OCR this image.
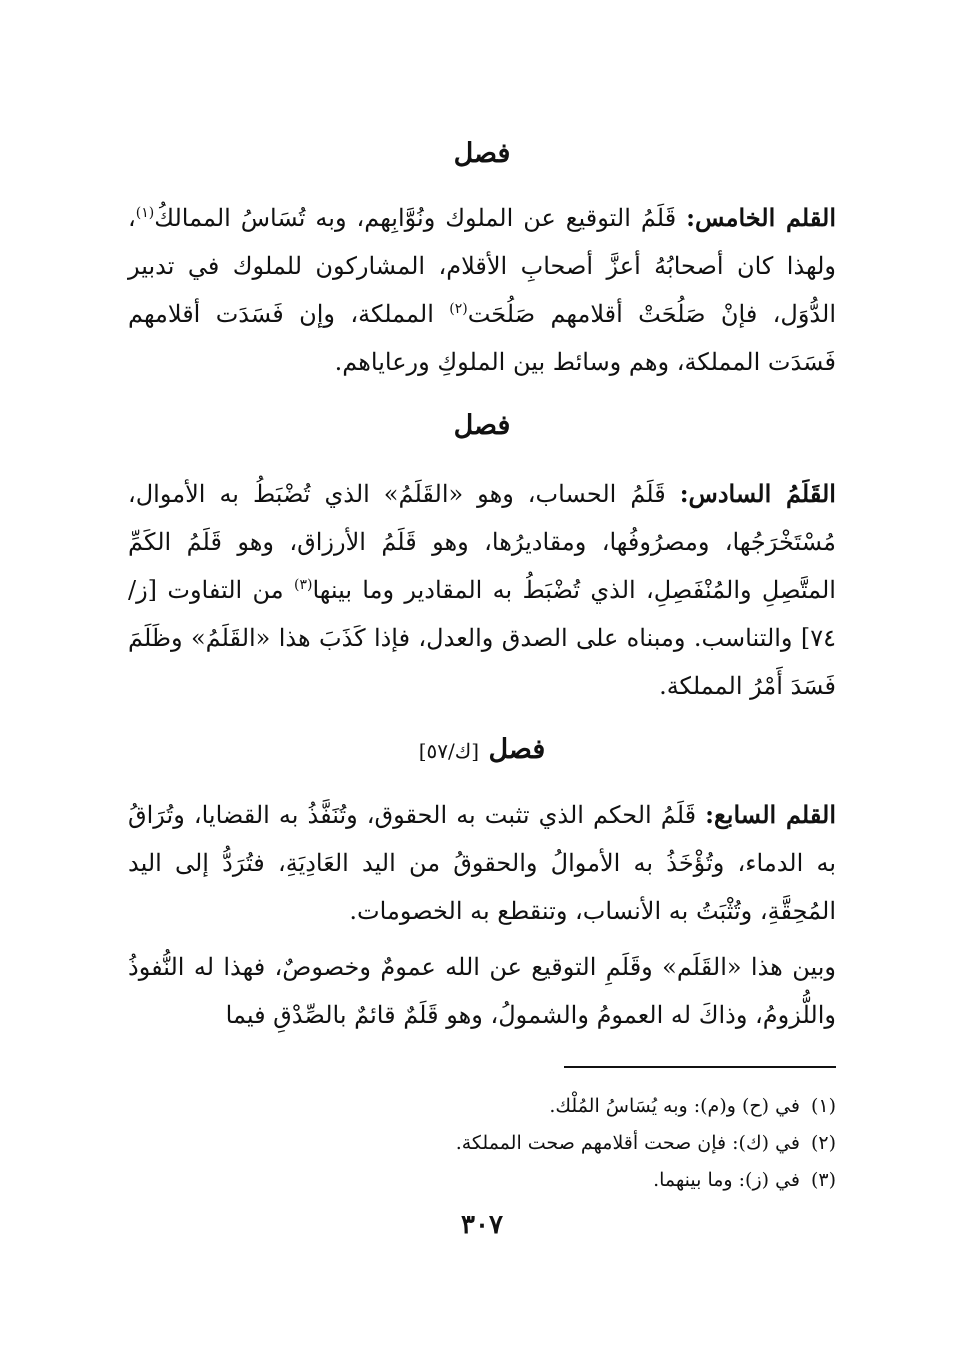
فصل

القلم الخامس: قَلَمُ التوقيع عن الملوك ونُوَّابِهم، وبه تُسَاسُ الممالكُ$^{(١)}$، ولهذا كان أصحابُهُ أعزَّ أصحابِ الأقلام، المشاركون للملوك في تدبير الدُّوَل، فإنْ صَلُحَتْ أقلامهم صَلُحَت$^{(٢)}$ المملكة، وإن فَسَدَت أقلامهم فَسَدَت المملكة، وهم وسائط بين الملوكِ ورعاياهم.

فصل

القَلَمُ السادس: قَلَمُ الحساب، وهو «القَلَمُ» الذي تُضْبَطُ به الأموال، مُسْتَخْرَجُها، ومصرُوفُها، ومقاديرُها، وهو قَلَمُ الأرزاق، وهو قَلَمُ الكَمِّ المتَّصِلِ والمُنْفَصِلِ، الذي تُضْبَطُ به المقادير وما بينها$^{(٣)}$ من التفاوت [ز/٧٤] والتناسب. ومبناه على الصدق والعدل، فإذا كَذَبَ هذا «القَلَمُ» وظَلَمَ فَسَدَ أَمْرُ المملكة.

فصل [ك/٥٧]

القلم السابع: قَلَمُ الحكم الذي تثبت به الحقوق، وتُنَفَّذُ به القضايا، وتُرَاقُ به الدماء، وتُؤْخَذُ به الأموالُ والحقوقُ من اليد العَادِيَةِ، فتُرَدُّ إلى اليد المُحِقَّةِ، وتُثْبَتُ به الأنساب، وتنقطع به الخصومات.

وبين هذا «القَلَم» وقَلَمِ التوقيع عن الله عمومٌ وخصوصٌ، فهذا له النُّفوذُ واللُّزومُ، وذاكَ له العمومُ والشمولُ، وهو قَلَمٌ قائمٌ بالصِّدْقِ فيما

(١)في (ح) و(م): وبه يُسَاسُ المُلْك.
(٢)في (ك): فإن صحت أقلامهم صحت المملكة.
(٣)في (ز): وما بينهما.
٣٠٧
